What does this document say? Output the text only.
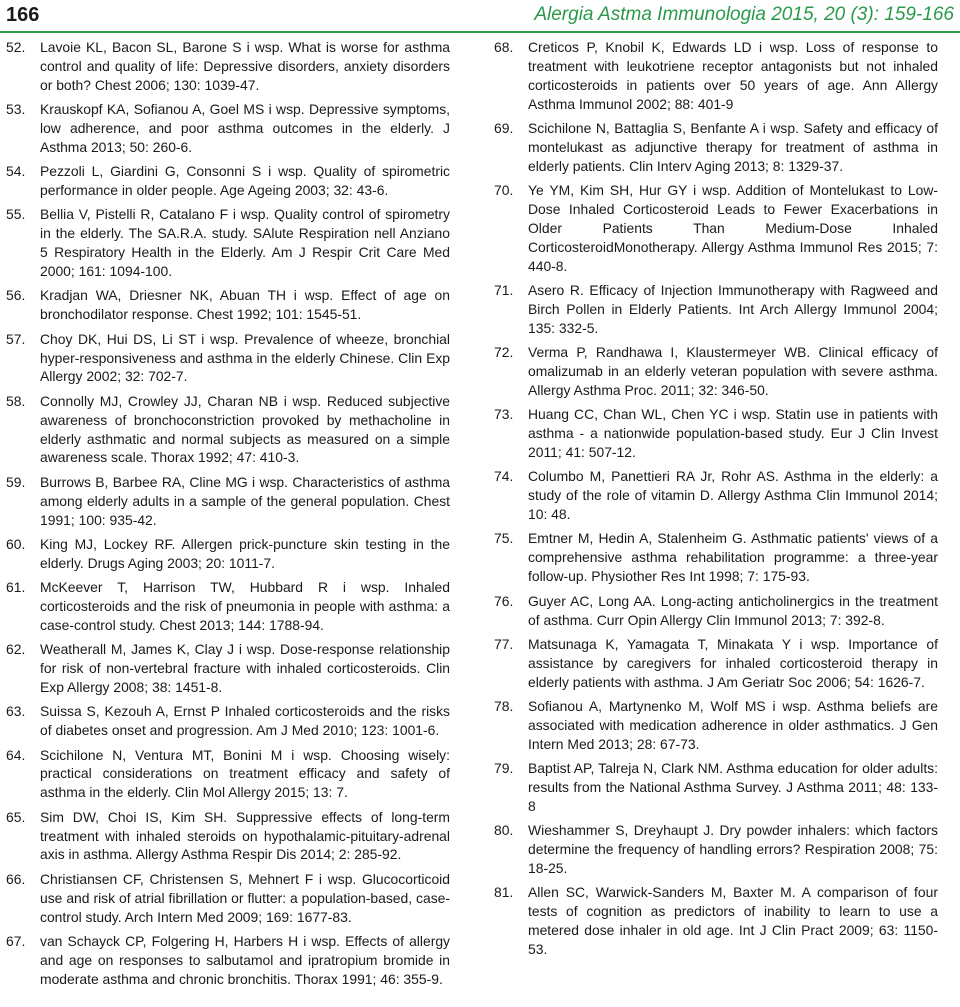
166	Alergia Astma Immunologia 2015, 20 (3): 159-166
52.	Lavoie KL, Bacon SL, Barone S i wsp. What is worse for asthma control and quality of life: Depressive disorders, anxiety disorders or both? Chest 2006; 130: 1039-47.
53.	Krauskopf KA, Sofianou A, Goel MS i wsp. Depressive symptoms, low adherence, and poor asthma outcomes in the elderly. J Asthma 2013; 50: 260-6.
54.	Pezzoli L, Giardini G, Consonni S i wsp. Quality of spirometric performance in older people. Age Ageing 2003; 32: 43-6.
55.	Bellia V, Pistelli R, Catalano F i wsp. Quality control of spirometry in the elderly. The SA.R.A. study. SAlute Respiration nell Anziano 5 Respiratory Health in the Elderly. Am J Respir Crit Care Med 2000; 161: 1094-100.
56.	Kradjan WA, Driesner NK, Abuan TH i wsp. Effect of age on bronchodilator response. Chest 1992; 101: 1545-51.
57.	Choy DK, Hui DS, Li ST i wsp. Prevalence of wheeze, bronchial hyper-responsiveness and asthma in the elderly Chinese. Clin Exp Allergy 2002; 32: 702-7.
58.	Connolly MJ, Crowley JJ, Charan NB i wsp. Reduced subjective awareness of bronchoconstriction provoked by methacholine in elderly asthmatic and normal subjects as measured on a simple awareness scale. Thorax 1992; 47: 410-3.
59.	Burrows B, Barbee RA, Cline MG i wsp. Characteristics of asthma among elderly adults in a sample of the general population. Chest 1991; 100: 935-42.
60.	King MJ, Lockey RF. Allergen prick-puncture skin testing in the elderly. Drugs Aging 2003; 20: 1011-7.
61.	McKeever T, Harrison TW, Hubbard R i wsp. Inhaled corticosteroids and the risk of pneumonia in people with asthma: a case-control study. Chest 2013; 144: 1788-94.
62.	Weatherall M, James K, Clay J i wsp. Dose-response relationship for risk of non-vertebral fracture with inhaled corticosteroids. Clin Exp Allergy 2008; 38: 1451-8.
63.	Suissa S, Kezouh A, Ernst P Inhaled corticosteroids and the risks of diabetes onset and progression. Am J Med 2010; 123: 1001-6.
64.	Scichilone N, Ventura MT, Bonini M i wsp. Choosing wisely: practical considerations on treatment efficacy and safety of asthma in the elderly. Clin Mol Allergy 2015; 13: 7.
65.	Sim DW, Choi IS, Kim SH. Suppressive effects of long-term treatment with inhaled steroids on hypothalamic-pituitary-adrenal axis in asthma. Allergy Asthma Respir Dis 2014; 2: 285-92.
66.	Christiansen CF, Christensen S, Mehnert F i wsp. Glucocorticoid use and risk of atrial fibrillation or flutter: a population-based, case-control study. Arch Intern Med 2009; 169: 1677-83.
67.	van Schayck CP, Folgering H, Harbers H i wsp. Effects of allergy and age on responses to salbutamol and ipratropium bromide in moderate asthma and chronic bronchitis. Thorax 1991; 46: 355-9.
68.	Creticos P, Knobil K, Edwards LD i wsp. Loss of response to treatment with leukotriene receptor antagonists but not inhaled corticosteroids in patients over 50 years of age. Ann Allergy Asthma Immunol 2002; 88: 401-9
69.	Scichilone N, Battaglia S, Benfante A i wsp. Safety and efficacy of montelukast as adjunctive therapy for treatment of asthma in elderly patients. Clin Interv Aging 2013; 8: 1329-37.
70.	Ye YM, Kim SH, Hur GY i wsp. Addition of Montelukast to Low-Dose Inhaled Corticosteroid Leads to Fewer Exacerbations in Older Patients Than Medium-Dose Inhaled CorticosteroidMonotherapy. Allergy Asthma Immunol Res 2015; 7: 440-8.
71.	Asero R. Efficacy of Injection Immunotherapy with Ragweed and Birch Pollen in Elderly Patients. Int Arch Allergy Immunol 2004; 135: 332-5.
72.	Verma P, Randhawa I, Klaustermeyer WB. Clinical efficacy of omalizumab in an elderly veteran population with severe asthma. Allergy Asthma Proc. 2011; 32: 346-50.
73.	Huang CC, Chan WL, Chen YC i wsp. Statin use in patients with asthma - a nationwide population-based study. Eur J Clin Invest 2011; 41: 507-12.
74.	Columbo M, Panettieri RA Jr, Rohr AS. Asthma in the elderly: a study of the role of vitamin D. Allergy Asthma Clin Immunol 2014; 10: 48.
75.	Emtner M, Hedin A, Stalenheim G. Asthmatic patients' views of a comprehensive asthma rehabilitation programme: a three-year follow-up. Physiother Res Int 1998; 7: 175-93.
76.	Guyer AC, Long AA. Long-acting anticholinergics in the treatment of asthma. Curr Opin Allergy Clin Immunol 2013; 7: 392-8.
77.	Matsunaga K, Yamagata T, Minakata Y i wsp. Importance of assistance by caregivers for inhaled corticosteroid therapy in elderly patients with asthma. J Am Geriatr Soc 2006; 54: 1626-7.
78.	Sofianou A, Martynenko M, Wolf MS i wsp. Asthma beliefs are associated with medication adherence in older asthmatics. J Gen Intern Med 2013; 28: 67-73.
79.	Baptist AP, Talreja N, Clark NM. Asthma education for older adults: results from the National Asthma Survey. J Asthma 2011; 48: 133-8
80.	Wieshammer S, Dreyhaupt J. Dry powder inhalers: which factors determine the frequency of handling errors? Respiration 2008; 75: 18-25.
81.	Allen SC, Warwick-Sanders M, Baxter M. A comparison of four tests of cognition as predictors of inability to learn to use a metered dose inhaler in old age. Int J Clin Pract 2009; 63: 1150-53.
